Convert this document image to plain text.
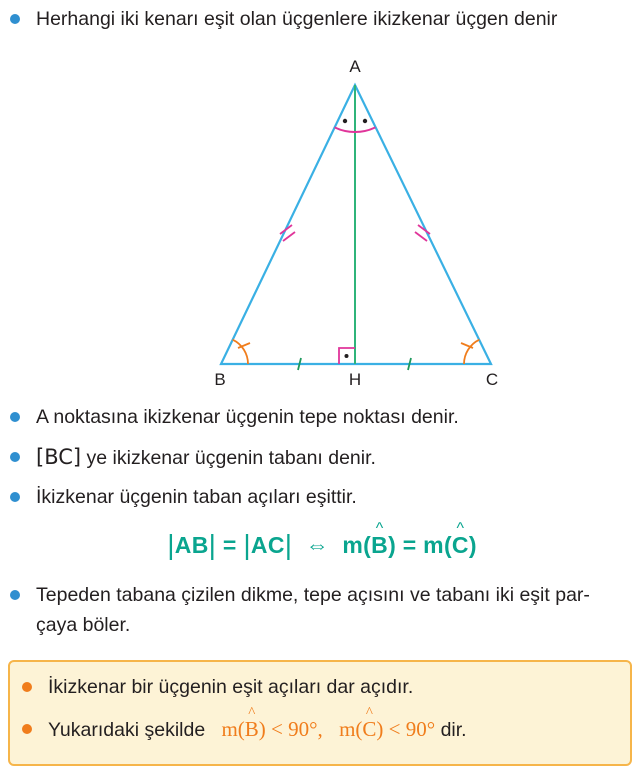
Herhangi iki kenarı eşit olan üçgenlere ikizkenar üçgen denir
A
B	H	C
A noktasına ikizkenar üçgenin tepe noktası denir.
[BC] ye ikizkenar üçgenin tabanı denir.
İkizkenar üçgenin taban açıları eşittir.
|AB| = |AC| ⇔ m(
^
B) = m(
^
C)
Tepeden tabana çizilen dikme, tepe açısını ve tabanı iki eşit par-
çaya böler.
İkizkenar bir üçgenin eşit açıları dar açıdır.
Yukarıdaki şekilde m(
^
B) < 90°, m(
^
C) < 90° dir.
